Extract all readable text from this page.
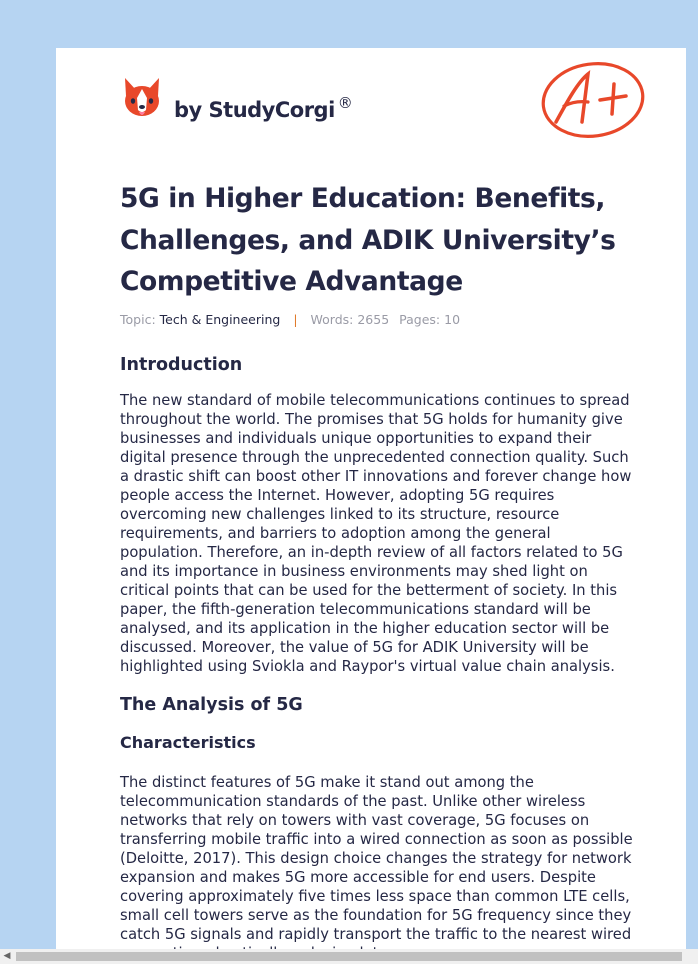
by StudyCorgi ®
5G in Higher Education: Benefits, Challenges, and ADIK University’s Competitive Advantage
Topic: Tech & Engineering | Words: 2655 Pages: 10
Introduction

The new standard of mobile telecommunications continues to spread throughout the world. The promises that 5G holds for humanity give businesses and individuals unique opportunities to expand their digital presence through the unprecedented connection quality. Such a drastic shift can boost other IT innovations and forever change how people access the Internet. However, adopting 5G requires overcoming new challenges linked to its structure, resource requirements, and barriers to adoption among the general population. Therefore, an in-depth review of all factors related to 5G and its importance in business environments may shed light on critical points that can be used for the betterment of society. In this paper, the fifth-generation telecommunications standard will be analysed, and its application in the higher education sector will be discussed. Moreover, the value of 5G for ADIK University will be highlighted using Sviokla and Raypor's virtual value chain analysis.

The Analysis of 5G
Characteristics

The distinct features of 5G make it stand out among the telecommunication standards of the past. Unlike other wireless networks that rely on towers with vast coverage, 5G focuses on transferring mobile traffic into a wired connection as soon as possible (Deloitte, 2017). This design choice changes the strategy for network expansion and makes 5G more accessible for end users. Despite covering approximately five times less space than common LTE cells, small cell towers serve as the foundation for 5G frequency since they catch 5G signals and rapidly transport the traffic to the nearest wired

◀
